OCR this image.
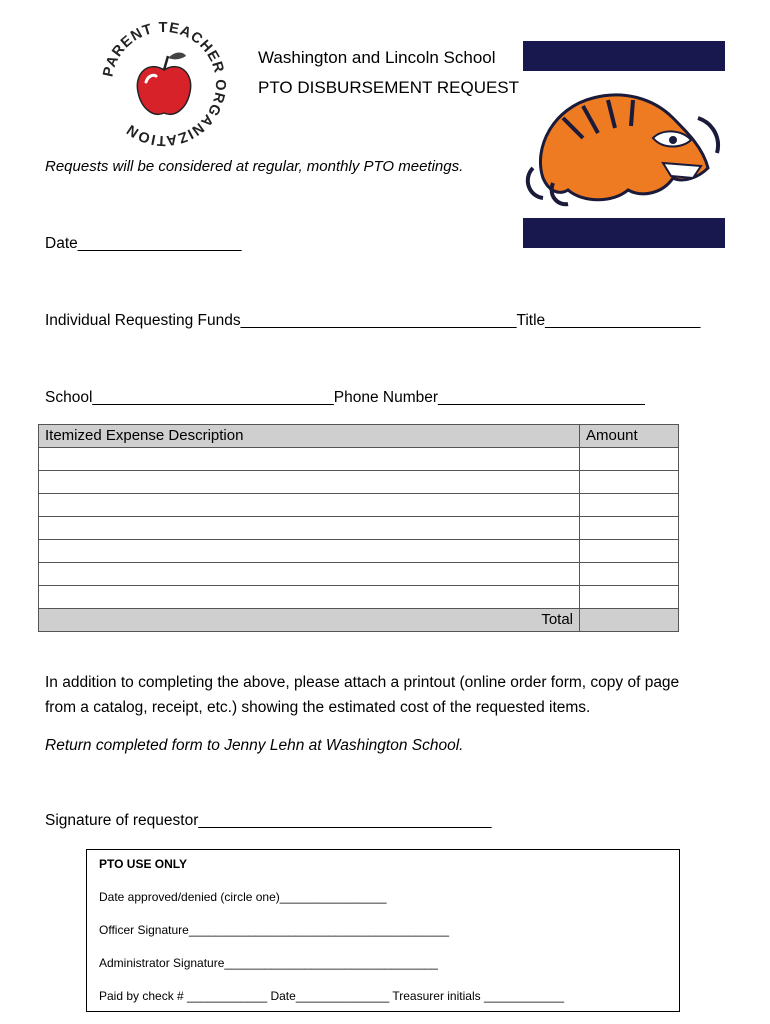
PARENT TEACHER ORGANIZATION
Washington and Lincoln School
PTO DISBURSEMENT REQUEST
Requests will be considered at regular, monthly PTO meetings.
Date___________________
Individual Requesting Funds________________________________Title__________________
School____________________________Phone Number________________________
Itemized Expense Description	Amount

Total	
In addition to completing the above, please attach a printout (online order form, copy of page
from a catalog, receipt, etc.) showing the estimated cost of the requested items.
Return completed form to Jenny Lehn at Washington School.
Signature of requestor__________________________________
PTO USE ONLY
Date approved/denied (circle one)________________
Officer Signature_______________________________________
Administrator Signature________________________________
Paid by check # ____________ Date______________ Treasurer initials ____________
